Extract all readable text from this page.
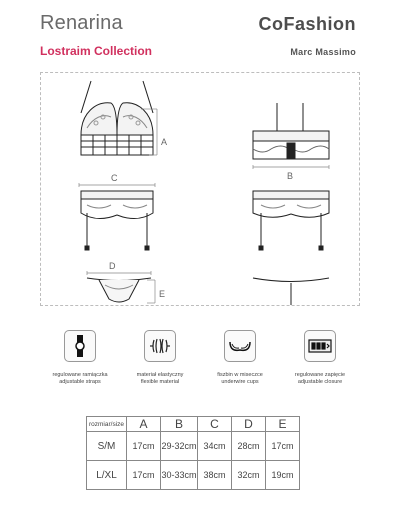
Renarina	CoFashion
Lostraim Collection	Marc Massimo
A
B
C
D
E
regulowane ramiączka
adjustable straps
materiał elastyczny
flexible material
fiszbin w miseczce
underwire cups
regulowane zapięcie
adjustable closure
rozmiar/size	A	B	C	D	E
S/M	17cm	29-32cm	34cm	28cm	17cm
L/XL	17cm	30-33cm	38cm	32cm	19cm
